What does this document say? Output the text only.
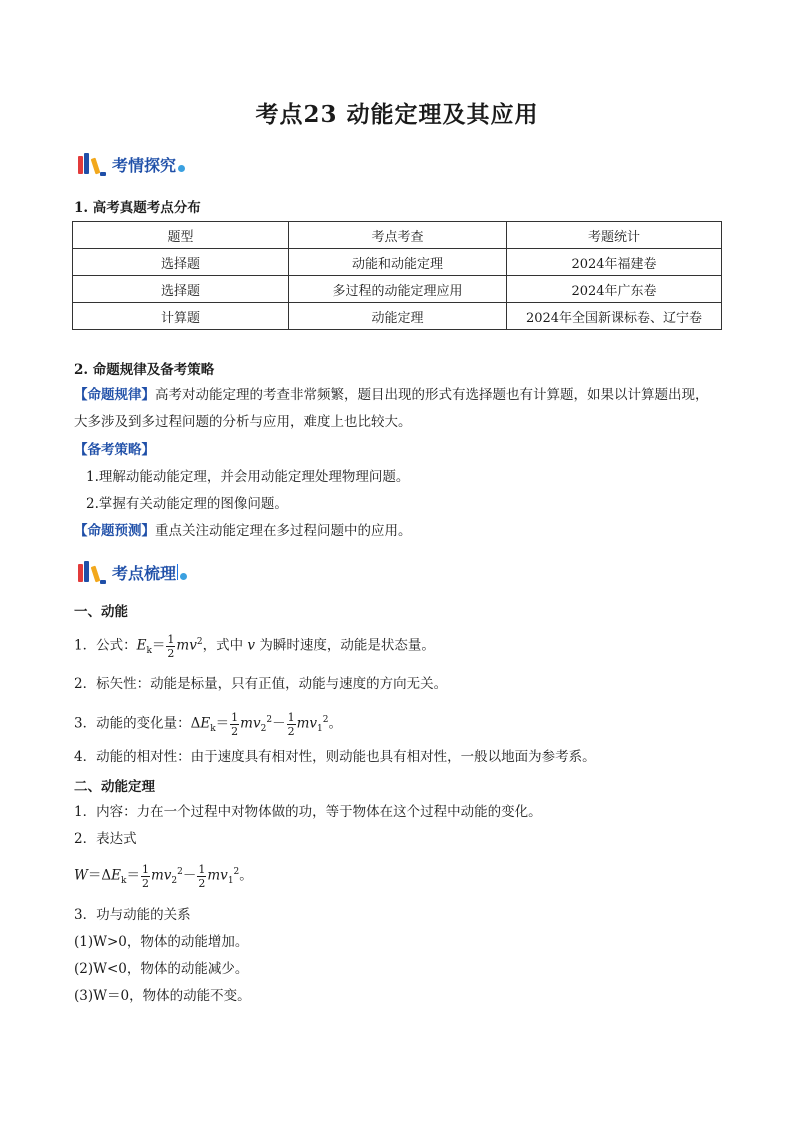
考点23 动能定理及其应用
考情探究
1. 高考真题考点分布
题型	考点考查	考题统计
选择题	动能和动能定理	2024年福建卷
选择题	多过程的动能定理应用	2024年广东卷
计算题	动能定理	2024年全国新课标卷、辽宁卷
2. 命题规律及备考策略
【命题规律】高考对动能定理的考查非常频繁，题目出现的形式有选择题也有计算题，如果以计算题出现，
大多涉及到多过程问题的分析与应用，难度上也比较大。
【备考策略】
1.理解动能动能定理，并会用动能定理处理物理问题。
2.掌握有关动能定理的图像问题。
【命题预测】重点关注动能定理在多过程问题中的应用。
考点梳理
一、动能
1．公式：$E_k= \frac{1}{2} mv^2$，式中 v 为瞬时速度，动能是状态量。
2．标矢性：动能是标量，只有正值，动能与速度的方向无关。
3．动能的变化量：$\Delta E_k= \frac{1}{2} mv_2^2- \frac{1}{2} mv_1^2$。
4．动能的相对性：由于速度具有相对性，则动能也具有相对性，一般以地面为参考系。
二、动能定理
1．内容：力在一个过程中对物体做的功，等于物体在这个过程中动能的变化。
2．表达式
$W=\Delta E_k= \frac{1}{2} mv_2^2- \frac{1}{2} mv_1^2$。
3．功与动能的关系
(1)W>0，物体的动能增加。
(2)W<0，物体的动能减少。
(3)W＝0，物体的动能不变。
